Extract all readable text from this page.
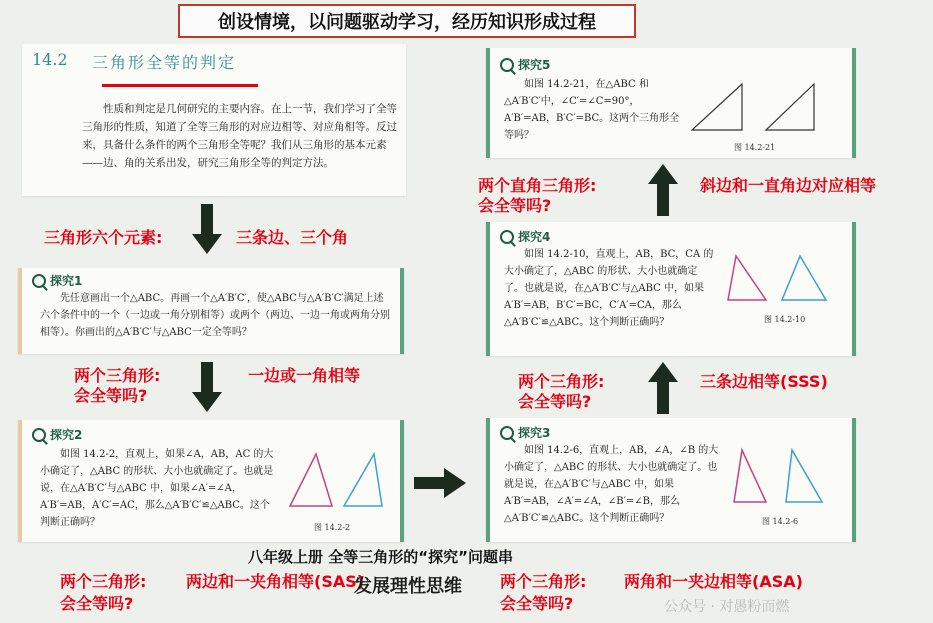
创设情境，以问题驱动学习，经历知识形成过程
14.2 三角形全等的判定
性质和判定是几何研究的主要内容。在上一节，我们学习了全等三角形的性质，知道了全等三角形的对应边相等、对应角相等。反过来，具备什么条件的两个三角形全等呢？我们从三角形的基本元素——边、角的关系出发，研究三角形全等的判定方法。
三角形六个元素:	三条边、三个角
探究1
先任意画出一个△ABC。再画一个△A′B′C′，使△ABC与△A′B′C′满足上述六个条件中的一个（一边或一角分别相等）或两个（两边、一边一角或两角分别相等）。你画出的△A′B′C′与△ABC一定全等吗？
两个三角形:
会全等吗?
一边或一角相等
探究2
如图 14.2-2，直观上，如果∠A，AB，AC 的大小确定了，△ABC 的形状、大小也就确定了。也就是说，在△A′B′C′与△ABC 中，如果∠A′=∠A，A′B′=AB，A′C′=AC，那么△A′B′C′≌△ABC。这个判断正确吗？	图 14.2-2
探究5
如图 14.2-21，在△ABC 和△A′B′C′中，∠C′=∠C=90°，A′B′=AB，B′C′=BC。这两个三角形全等吗？
图 14.2-21
两个直角三角形:
会全等吗?
斜边和一直角边对应相等
探究4
如图 14.2-10，直观上，AB，BC，CA 的大小确定了，△ABC 的形状、大小也就确定了。也就是说，在△A′B′C′与△ABC 中，如果 A′B′=AB，B′C′=BC，C′A′=CA，那么△A′B′C′≌△ABC。这个判断正确吗？	图 14.2-10
两个三角形:
会全等吗?
三条边相等(SSS)
探究3
如图 14.2-6，直观上，AB，∠A，∠B 的大小确定了，△ABC 的形状、大小也就确定了。也就是说，在△A′B′C′与△ABC 中，如果 A′B′=AB，∠A′=∠A，∠B′=∠B，那么△A′B′C′≌△ABC。这个判断正确吗？	图 14.2-6
八年级上册 全等三角形的“探究”问题串
两个三角形:
会全等吗?
两边和一夹角相等(SAS)
发展理性思维 两个三角形:
会全等吗?
两角和一夹边相等(ASA)
公众号 · 对愚粉而燃
